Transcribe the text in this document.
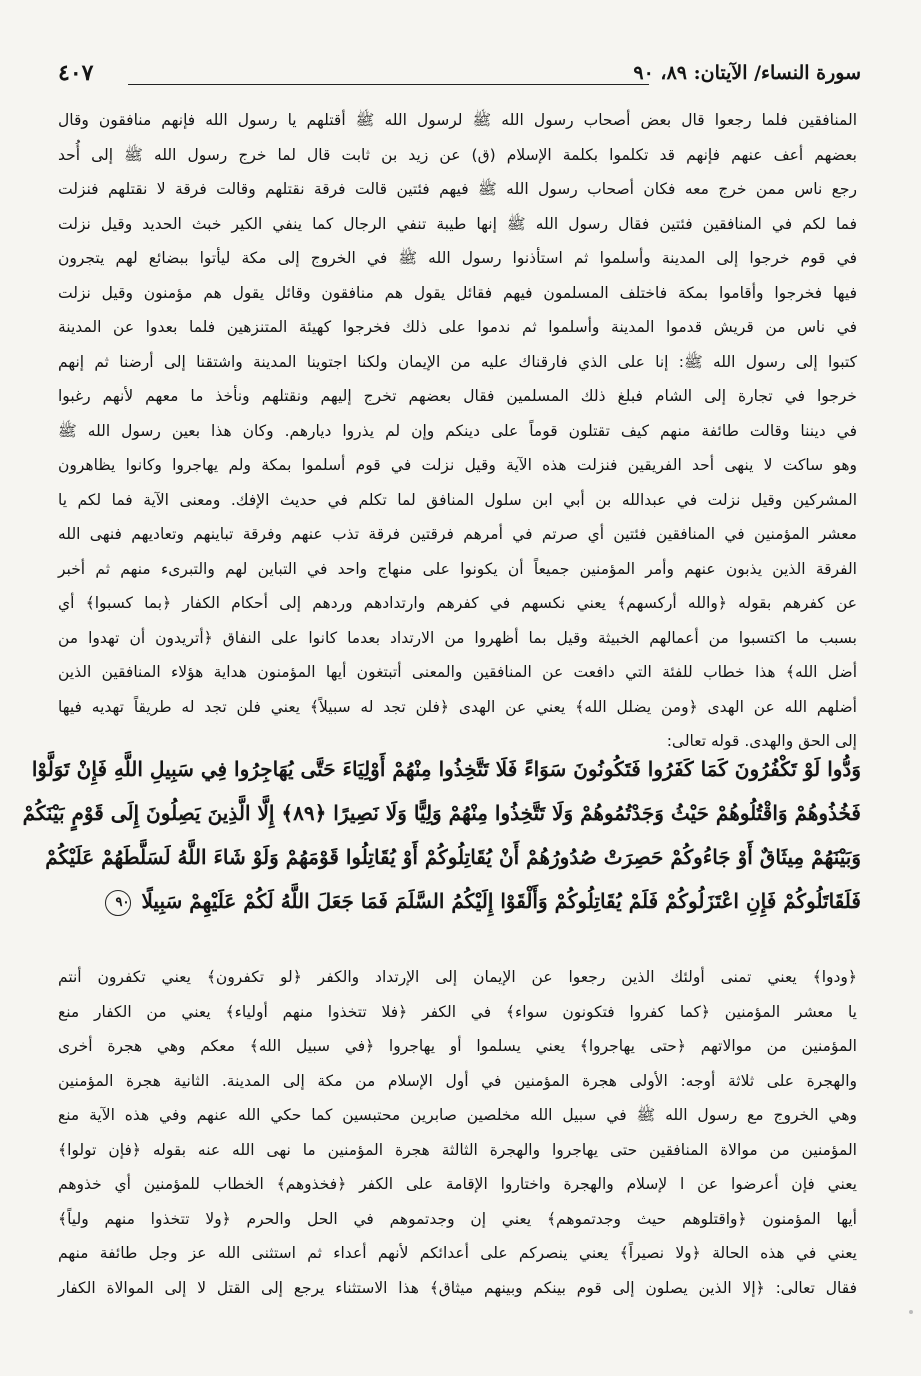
سورة النساء/ الآيتان: ٨٩، ٩٠
٤٠٧
المنافقين فلما رجعوا قال بعض أصحاب رسول الله ﷺ لرسول الله ﷺ أقتلهم يا رسول الله فإنهم منافقون وقال
بعضهم أعف عنهم فإنهم قد تكلموا بكلمة الإسلام (ق) عن زيد بن ثابت قال لما خرج رسول الله ﷺ إلى أُحد
رجع ناس ممن خرج معه فكان أصحاب رسول الله ﷺ فيهم فئتين قالت فرقة نقتلهم وقالت فرقة لا نقتلهم فنزلت
فما لكم في المنافقين فئتين فقال رسول الله ﷺ إنها طيبة تنفي الرجال كما ينفي الكير خبث الحديد وقيل نزلت
في قوم خرجوا إلى المدينة وأسلموا ثم استأذنوا رسول الله ﷺ في الخروج إلى مكة ليأتوا ببضائع لهم يتجرون
فيها فخرجوا وأقاموا بمكة فاختلف المسلمون فيهم فقائل يقول هم منافقون وقائل يقول هم مؤمنون وقيل نزلت
في ناس من قريش قدموا المدينة وأسلموا ثم ندموا على ذلك فخرجوا كهيئة المتنزهين فلما بعدوا عن المدينة
كتبوا إلى رسول الله ﷺ: إنا على الذي فارقناك عليه من الإيمان ولكنا اجتوينا المدينة واشتقنا إلى أرضنا ثم إنهم
خرجوا في تجارة إلى الشام فبلغ ذلك المسلمين فقال بعضهم تخرج إليهم ونقتلهم ونأخذ ما معهم لأنهم رغبوا
في ديننا وقالت طائفة منهم كيف تقتلون قوماً على دينكم وإن لم يذروا ديارهم. وكان هذا بعين رسول الله ﷺ
وهو ساكت لا ينهى أحد الفريقين فنزلت هذه الآية وقيل نزلت في قوم أسلموا بمكة ولم يهاجروا وكانوا يظاهرون
المشركين وقيل نزلت في عبدالله بن أبي ابن سلول المنافق لما تكلم في حديث الإفك. ومعنى الآية فما لكم يا
معشر المؤمنين في المنافقين فئتين أي صرتم في أمرهم فرقتين فرقة تذب عنهم وفرقة تباينهم وتعاديهم فنهى الله
الفرقة الذين يذبون عنهم وأمر المؤمنين جميعاً أن يكونوا على منهاج واحد في التباين لهم والتبرىء منهم ثم أخبر
عن كفرهم بقوله ﴿والله أركسهم﴾ يعني نكسهم في كفرهم وارتدادهم وردهم إلى أحكام الكفار ﴿بما كسبوا﴾ أي
بسبب ما اكتسبوا من أعمالهم الخبيثة وقيل بما أظهروا من الارتداد بعدما كانوا على النفاق ﴿أتريدون أن تهدوا من
أضل الله﴾ هذا خطاب للفئة التي دافعت عن المنافقين والمعنى أتبتغون أيها المؤمنون هداية هؤلاء المنافقين الذين
أضلهم الله عن الهدى ﴿ومن يضلل الله﴾ يعني عن الهدى ﴿فلن تجد له سبيلاً﴾ يعني فلن تجد له طريقاً تهديه فيها
إلى الحق والهدى. قوله تعالى:
وَدُّوا لَوْ تَكْفُرُونَ كَمَا كَفَرُوا فَتَكُونُونَ سَوَاءً فَلَا تَتَّخِذُوا مِنْهُمْ أَوْلِيَاءَ حَتَّى يُهَاجِرُوا فِي سَبِيلِ اللَّهِ فَإِنْ تَوَلَّوْا
فَخُذُوهُمْ وَاقْتُلُوهُمْ حَيْثُ وَجَدْتُمُوهُمْ وَلَا تَتَّخِذُوا مِنْهُمْ وَلِيًّا وَلَا نَصِيرًا ﴿٨٩﴾ إِلَّا الَّذِينَ يَصِلُونَ إِلَى قَوْمٍ بَيْنَكُمْ
وَبَيْنَهُمْ مِيثَاقٌ أَوْ جَاءُوكُمْ حَصِرَتْ صُدُورُهُمْ أَنْ يُقَاتِلُوكُمْ أَوْ يُقَاتِلُوا قَوْمَهُمْ وَلَوْ شَاءَ اللَّهُ لَسَلَّطَهُمْ عَلَيْكُمْ
فَلَقَاتَلُوكُمْ فَإِنِ اعْتَزَلُوكُمْ فَلَمْ يُقَاتِلُوكُمْ وَأَلْقَوْا إِلَيْكُمُ السَّلَمَ فَمَا جَعَلَ اللَّهُ لَكُمْ عَلَيْهِمْ سَبِيلًا ٩٠
﴿ودوا﴾ يعني تمنى أولئك الذين رجعوا عن الإيمان إلى الإرتداد والكفر ﴿لو تكفرون﴾ يعني تكفرون أنتم
يا معشر المؤمنين ﴿كما كفروا فتكونون سواء﴾ في الكفر ﴿فلا تتخذوا منهم أولياء﴾ يعني من الكفار منع
المؤمنين من موالاتهم ﴿حتى يهاجروا﴾ يعني يسلموا أو يهاجروا ﴿في سبيل الله﴾ معكم وهي هجرة أخرى
والهجرة على ثلاثة أوجه: الأولى هجرة المؤمنين في أول الإسلام من مكة إلى المدينة. الثانية هجرة المؤمنين
وهي الخروج مع رسول الله ﷺ في سبيل الله مخلصين صابرين محتبسين كما حكي الله عنهم وفي هذه الآية منع
المؤمنين من موالاة المنافقين حتى يهاجروا والهجرة الثالثة هجرة المؤمنين ما نهى الله عنه بقوله ﴿فإن تولوا﴾
يعني فإن أعرضوا عن ا لإسلام والهجرة واختاروا الإقامة على الكفر ﴿فخذوهم﴾ الخطاب للمؤمنين أي خذوهم
أيها المؤمنون ﴿واقتلوهم حيث وجدتموهم﴾ يعني إن وجدتموهم في الحل والحرم ﴿ولا تتخذوا منهم ولياً﴾
يعني في هذه الحالة ﴿ولا نصيراً﴾ يعني ينصركم على أعدائكم لأنهم أعداء ثم استثنى الله عز وجل طائفة منهم
فقال تعالى: ﴿إلا الذين يصلون إلى قوم بينكم وبينهم ميثاق﴾ هذا الاستثناء يرجع إلى القتل لا إلى الموالاة الكفار
